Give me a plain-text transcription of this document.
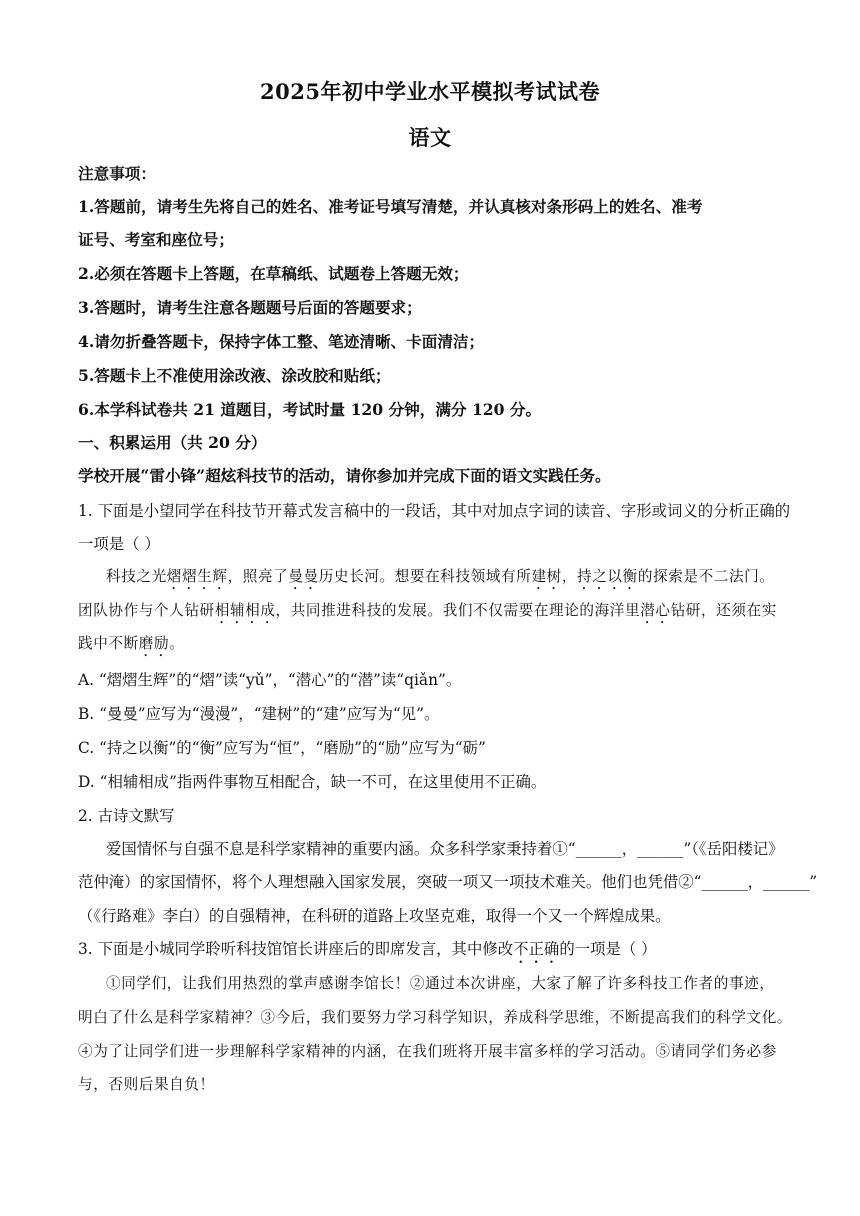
2025年初中学业水平模拟考试试卷
语文
注意事项：
1.答题前，请考生先将自己的姓名、准考证号填写清楚，并认真核对条形码上的姓名、准考
证号、考室和座位号；
2.必须在答题卡上答题，在草稿纸、试题卷上答题无效；
3.答题时，请考生注意各题题号后面的答题要求；
4.请勿折叠答题卡，保持字体工整、笔迹清晰、卡面清洁；
5.答题卡上不准使用涂改液、涂改胶和贴纸；
6.本学科试卷共 21 道题目，考试时量 120 分钟，满分 120 分。
一、积累运用（共 20 分）
学校开展“雷小锋”超炫科技节的活动，请你参加并完成下面的语文实践任务。
1. 下面是小望同学在科技节开幕式发言稿中的一段话，其中对加点字词的读音、字形或词义的分析正确的
一项是（ ）
科技之光熠熠生辉，照亮了曼曼历史长河。想要在科技领域有所建树，持之以衡的探索是不二法门。
团队协作与个人钻研相辅相成，共同推进科技的发展。我们不仅需要在理论的海洋里潜心钻研，还须在实
践中不断磨励。
A. “熠熠生辉”的“熠”读“yǔ”，“潜心”的“潜”读“qiǎn”。
B. “曼曼”应写为“漫漫”，“建树”的“建”应写为“见”。
C. “持之以衡”的“衡”应写为“恒”，“磨励”的“励”应写为“砺”
D. “相辅相成”指两件事物互相配合，缺一不可，在这里使用不正确。
2. 古诗文默写
爱国情怀与自强不息是科学家精神的重要内涵。众多科学家秉持着①“______，______”（《岳阳楼记》
范仲淹）的家国情怀，将个人理想融入国家发展，突破一项又一项技术难关。他们也凭借②“______，______”
（《行路难》李白）的自强精神，在科研的道路上攻坚克难，取得一个又一个辉煌成果。
3. 下面是小城同学聆听科技馆馆长讲座后的即席发言，其中修改不正确的一项是（ ）
①同学们，让我们用热烈的掌声感谢李馆长！②通过本次讲座，大家了解了许多科技工作者的事迹，
明白了什么是科学家精神？③今后，我们要努力学习科学知识，养成科学思维，不断提高我们的科学文化。
④为了让同学们进一步理解科学家精神的内涵，在我们班将开展丰富多样的学习活动。⑤请同学们务必参
与，否则后果自负！
